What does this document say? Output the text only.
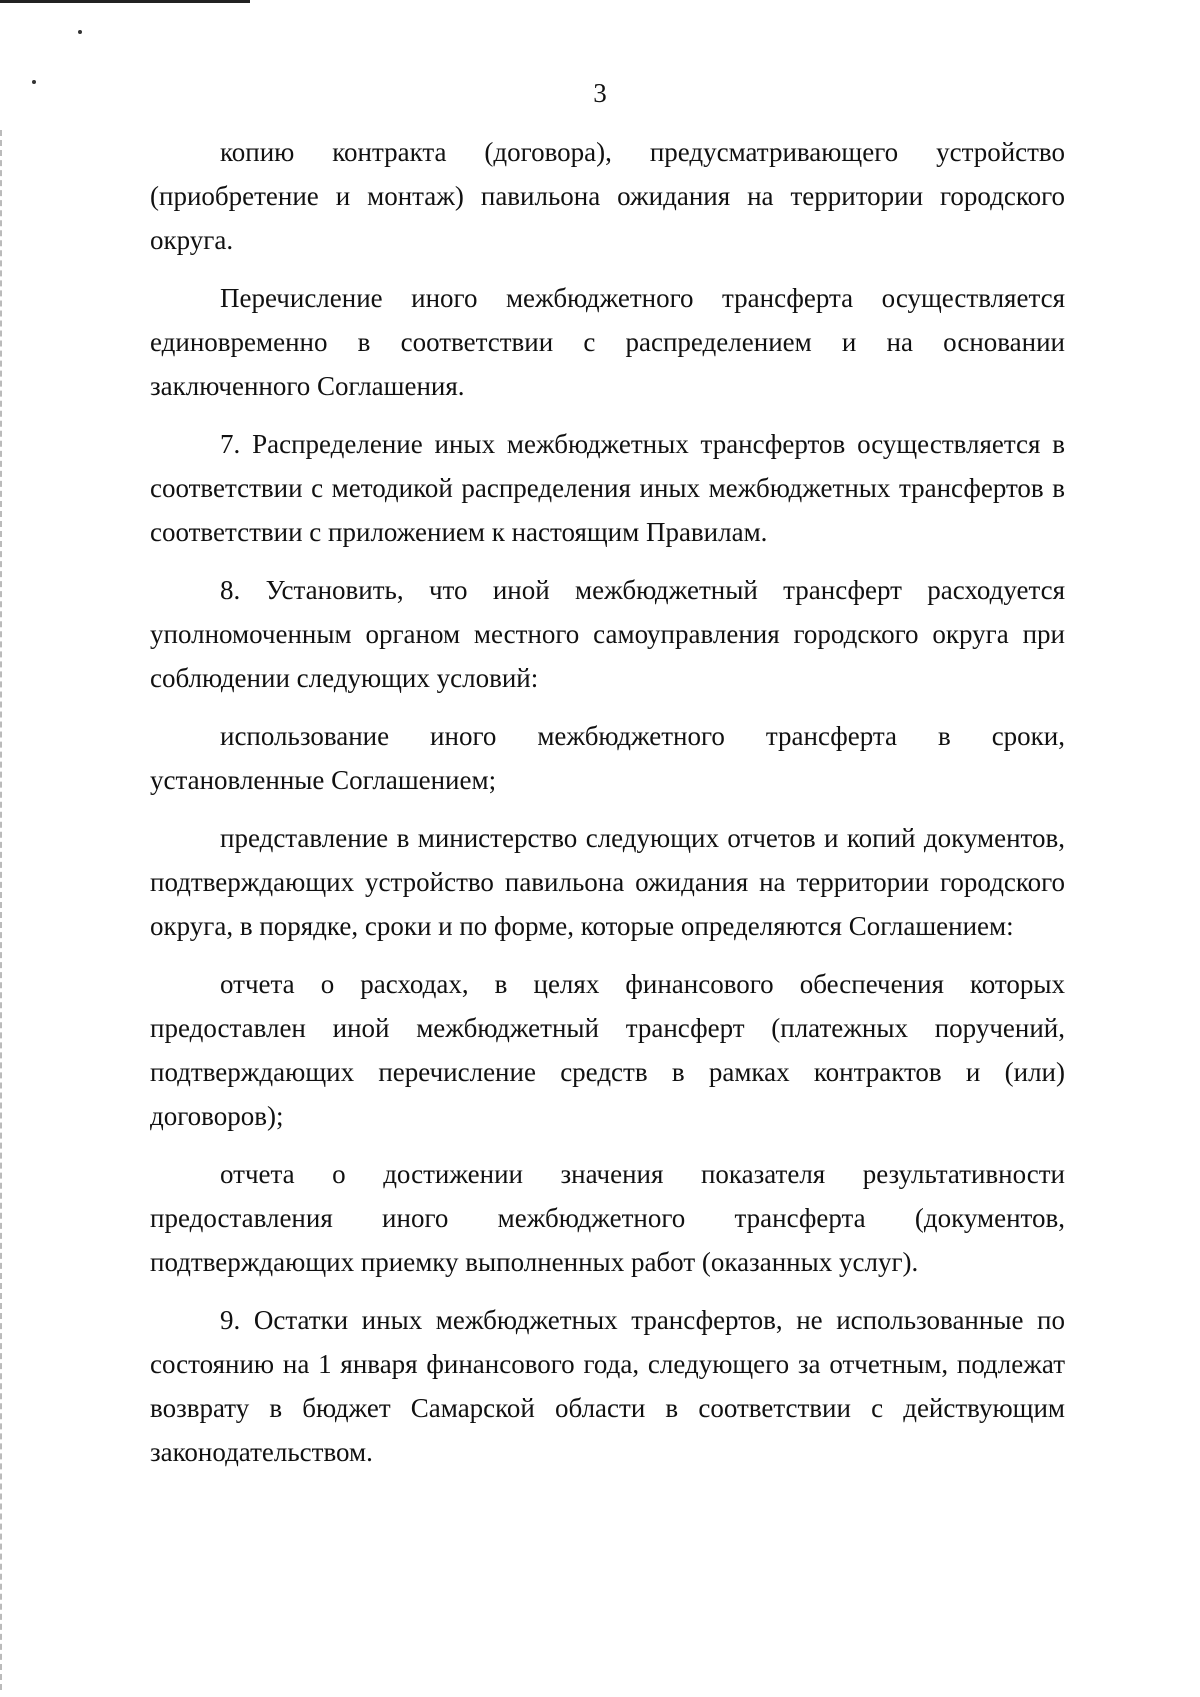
3

копию контракта (договора), предусматривающего устройство (приобретение и монтаж) павильона ожидания на территории городского округа.

Перечисление иного межбюджетного трансферта осуществляется единовременно в соответствии с распределением и на основании заключенного Соглашения.

7. Распределение иных межбюджетных трансфертов осуществляется в соответствии с методикой распределения иных межбюджетных трансфертов в соответствии с приложением к настоящим Правилам.

8. Установить, что иной межбюджетный трансферт расходуется уполномоченным органом местного самоуправления городского округа при соблюдении следующих условий:

использование иного межбюджетного трансферта в сроки, установленные Соглашением;

представление в министерство следующих отчетов и копий документов, подтверждающих устройство павильона ожидания на территории городского округа, в порядке, сроки и по форме, которые определяются Соглашением:

отчета о расходах, в целях финансового обеспечения которых предоставлен иной межбюджетный трансферт (платежных поручений, подтверждающих перечисление средств в рамках контрактов и (или) договоров);

отчета о достижении значения показателя результативности предоставления иного межбюджетного трансферта (документов, подтверждающих приемку выполненных работ (оказанных услуг).

9. Остатки иных межбюджетных трансфертов, не использованные по состоянию на 1 января финансового года, следующего за отчетным, подлежат возврату в бюджет Самарской области в соответствии с действующим законодательством.
